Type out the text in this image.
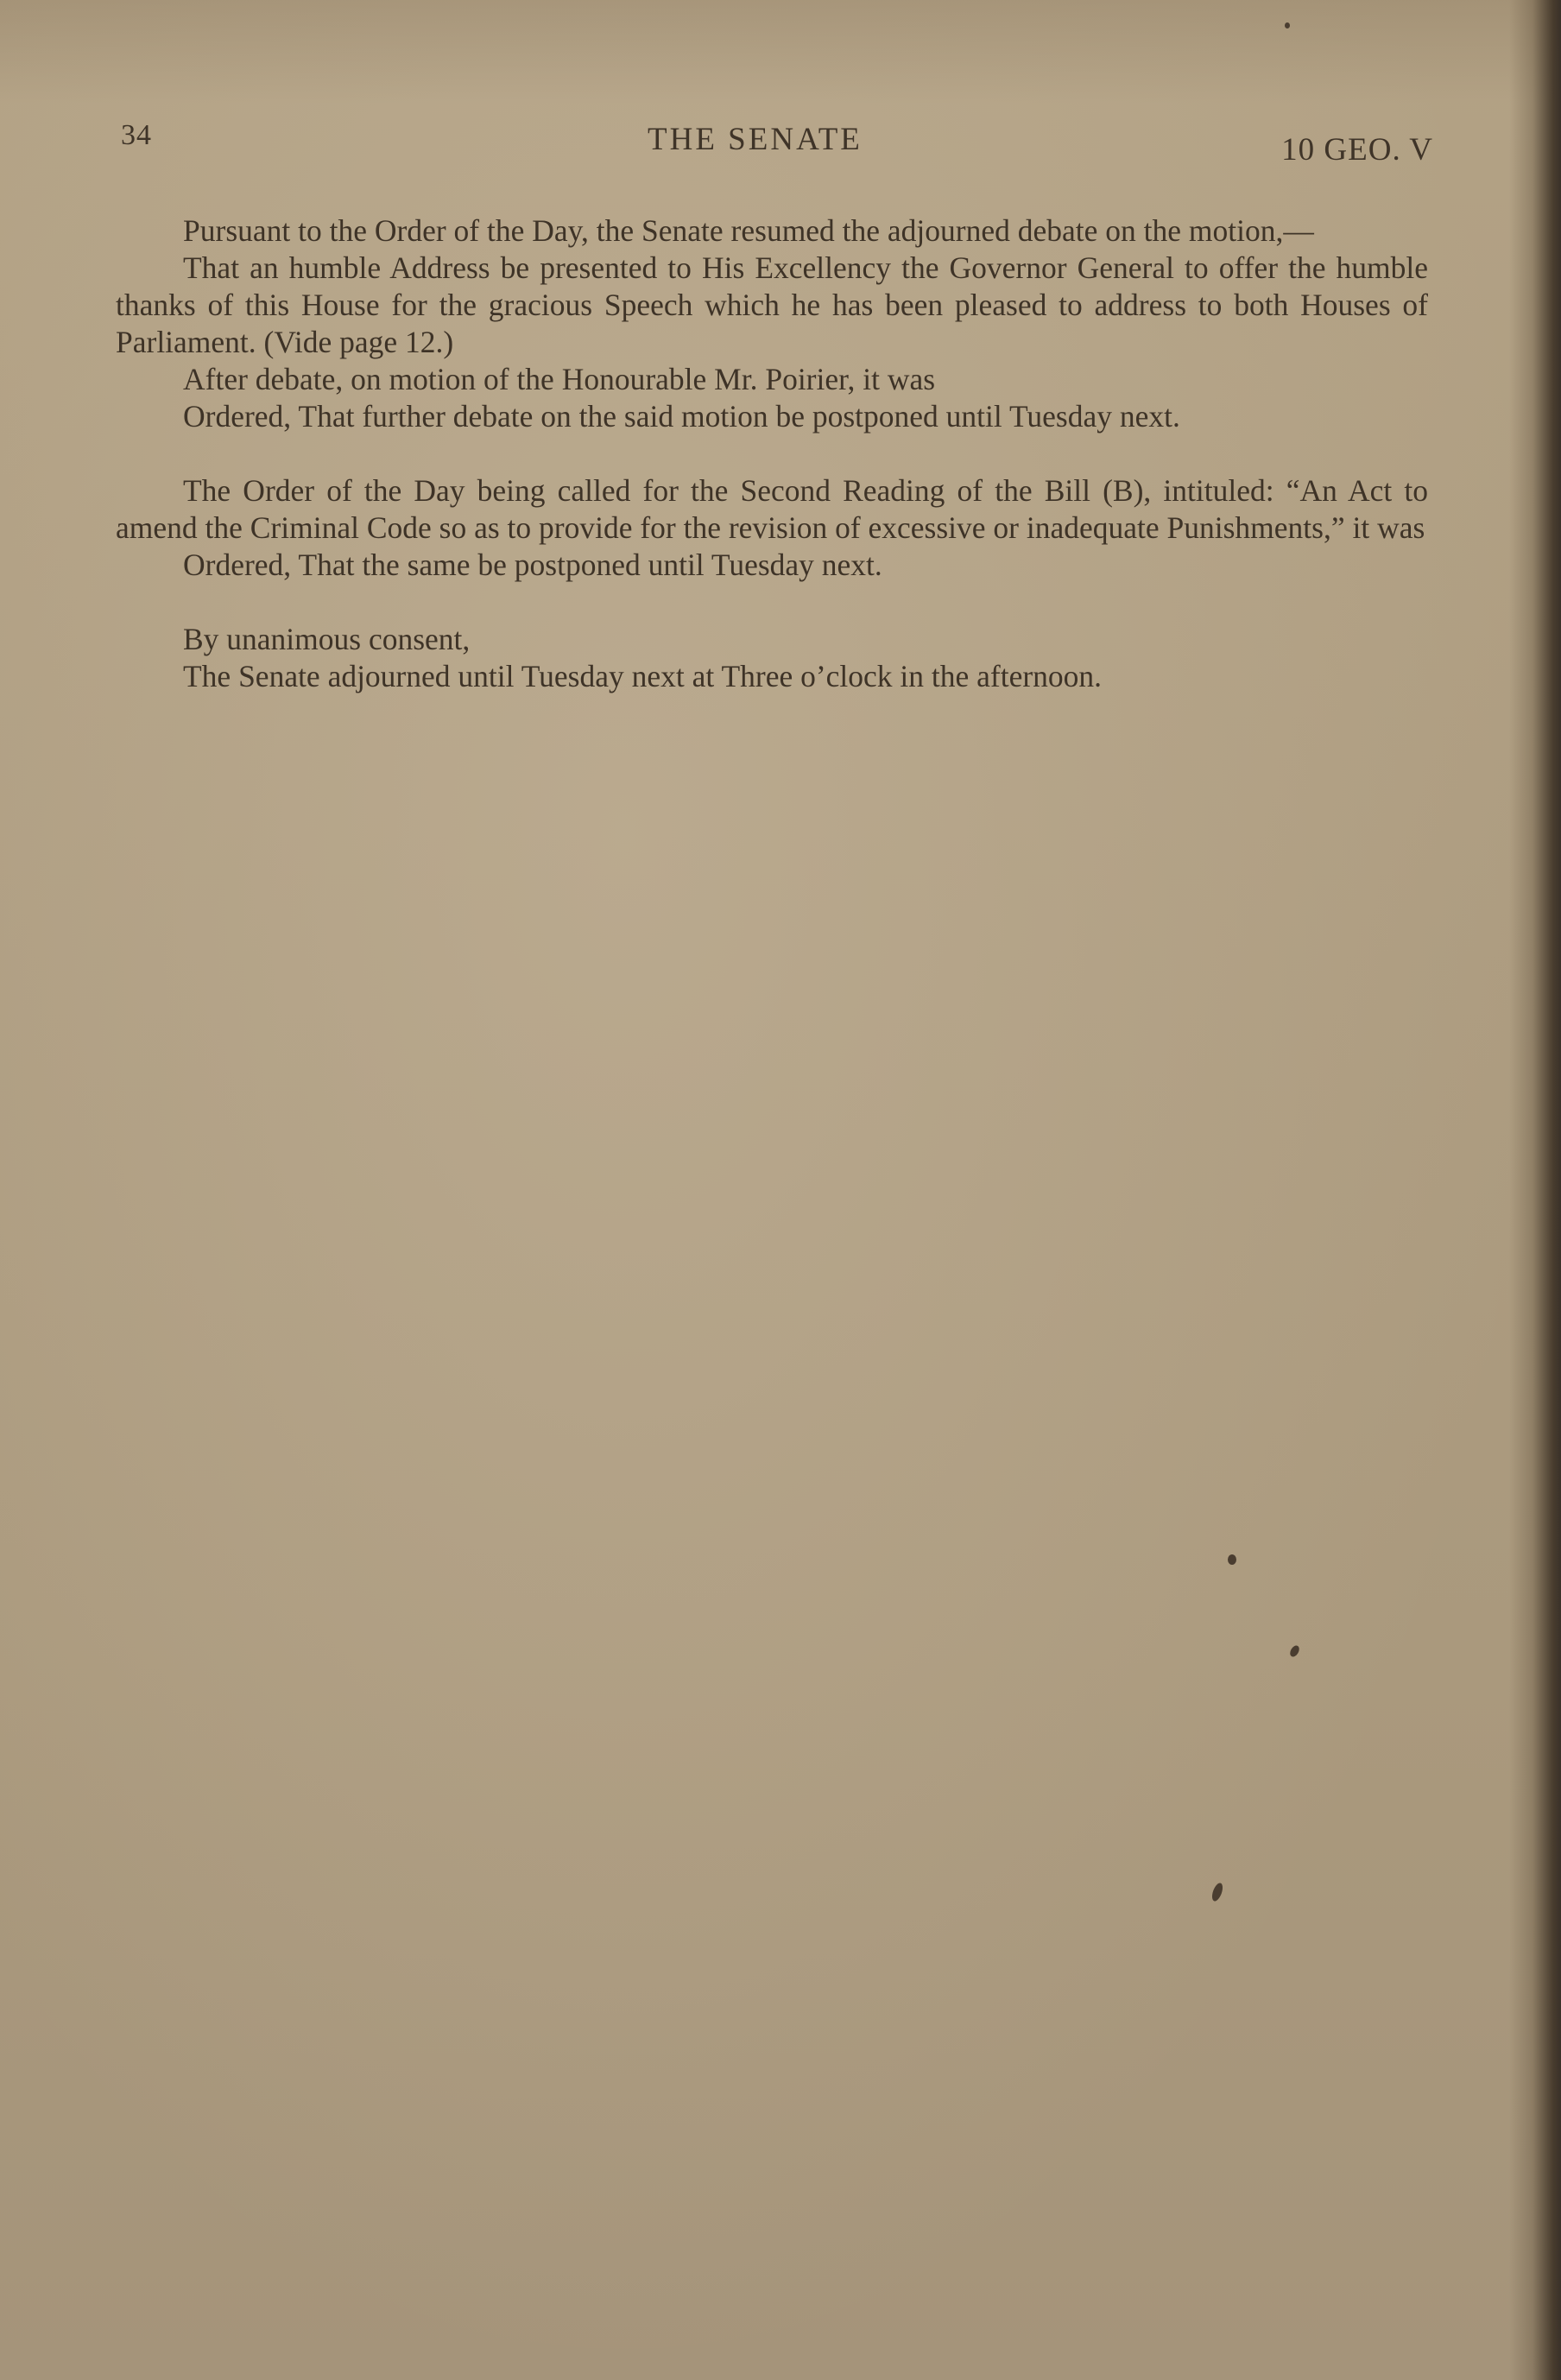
34	THE SENATE	10 GEO. V

Pursuant to the Order of the Day, the Senate resumed the adjourned debate on the motion,—

That an humble Address be presented to His Excellency the Governor General to offer the humble thanks of this House for the gracious Speech which he has been pleased to address to both Houses of Parliament. (Vide page 12.)

After debate, on motion of the Honourable Mr. Poirier, it was

Ordered, That further debate on the said motion be postponed until Tuesday next.

The Order of the Day being called for the Second Reading of the Bill (B), intituled: “An Act to amend the Criminal Code so as to provide for the revision of excessive or inadequate Punishments,” it was

Ordered, That the same be postponed until Tuesday next.

By unanimous consent,

The Senate adjourned until Tuesday next at Three o’clock in the afternoon.
